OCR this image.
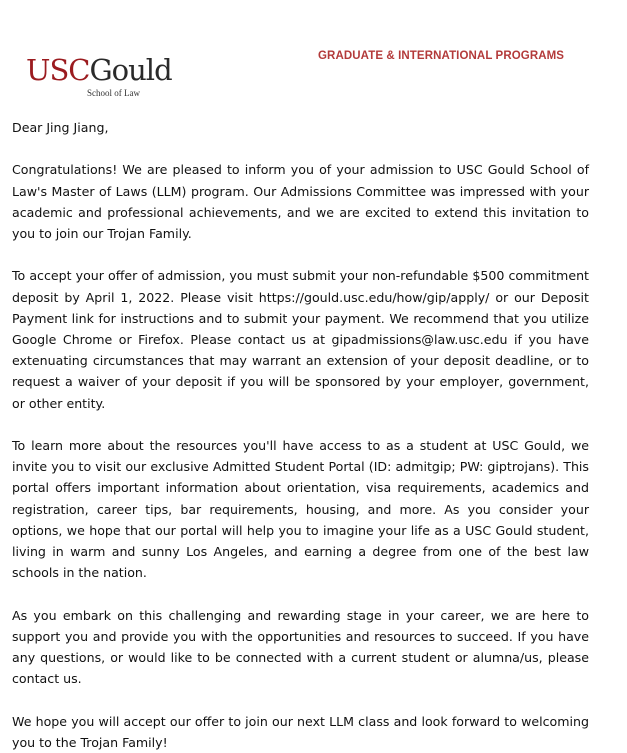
USCGould
School of Law
GRADUATE & INTERNATIONAL PROGRAMS

Dear Jing Jiang,

Congratulations! We are pleased to inform you of your admission to USC Gould School of Law's Master of Laws (LLM) program. Our Admissions Committee was impressed with your academic and professional achievements, and we are excited to extend this invitation to you to join our Trojan Family.

To accept your offer of admission, you must submit your non-refundable $500 commitment deposit by April 1, 2022. Please visit https://gould.usc.edu/how/gip/apply/ or our Deposit Payment link for instructions and to submit your payment. We recommend that you utilize Google Chrome or Firefox. Please contact us at gipadmissions@law.usc.edu if you have extenuating circumstances that may warrant an extension of your deposit deadline, or to request a waiver of your deposit if you will be sponsored by your employer, government, or other entity.

To learn more about the resources you'll have access to as a student at USC Gould, we invite you to visit our exclusive Admitted Student Portal (ID: admitgip; PW: giptrojans). This portal offers important information about orientation, visa requirements, academics and registration, career tips, bar requirements, housing, and more. As you consider your options, we hope that our portal will help you to imagine your life as a USC Gould student, living in warm and sunny Los Angeles, and earning a degree from one of the best law schools in the nation.

As you embark on this challenging and rewarding stage in your career, we are here to support you and provide you with the opportunities and resources to succeed. If you have any questions, or would like to be connected with a current student or alumna/us, please contact us.

We hope you will accept our offer to join our next LLM class and look forward to welcoming you to the Trojan Family!
